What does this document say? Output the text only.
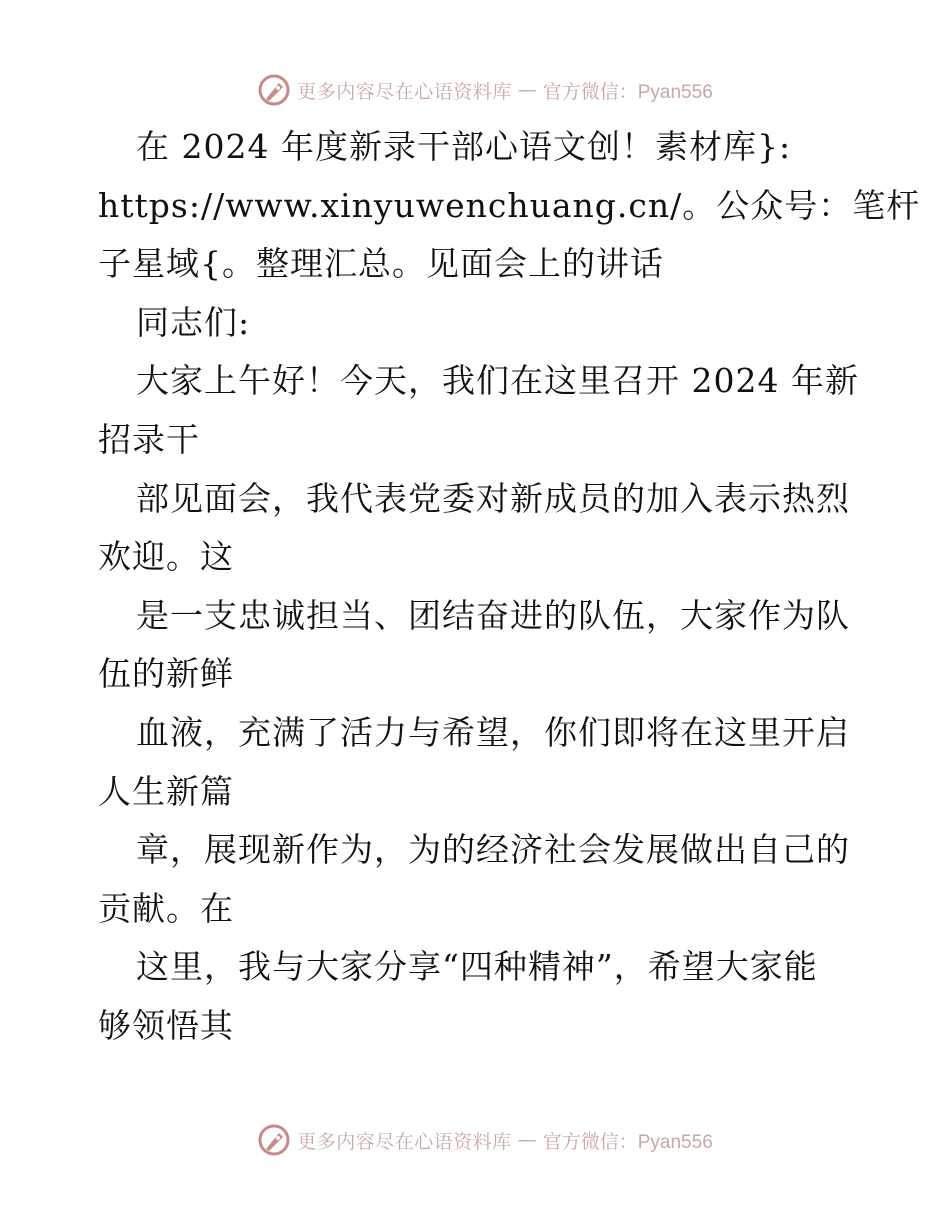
更多内容尽在心语资料库 — 官方微信：Pyan556
在 2024 年度新录干部心语文创！素材库}:
https://www.xinyuwenchuang.cn/。公众号：笔杆
子星域{。整理汇总。见面会上的讲话
同志们:
大家上午好！今天，我们在这里召开 2024 年新
招录干
部见面会，我代表党委对新成员的加入表示热烈
欢迎。这
是一支忠诚担当、团结奋进的队伍，大家作为队
伍的新鲜
血液，充满了活力与希望，你们即将在这里开启
人生新篇
章，展现新作为，为的经济社会发展做出自己的
贡献。在
这里，我与大家分享“四种精神”，希望大家能
够领悟其
更多内容尽在心语资料库 — 官方微信：Pyan556
